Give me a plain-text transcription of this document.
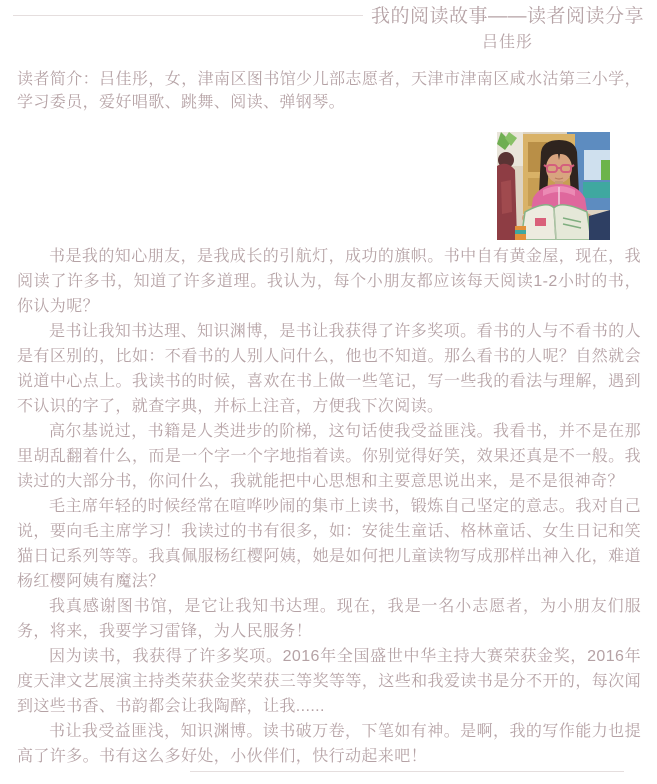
我的阅读故事——读者阅读分享
吕佳彤
读者简介：吕佳彤，女，津南区图书馆少儿部志愿者，天津市津南区咸水沽第三小学，学习委员，爱好唱歌、跳舞、阅读、弹钢琴。

书是我的知心朋友，是我成长的引航灯，成功的旗帜。书中自有黄金屋，现在，我阅读了许多书，知道了许多道理。我认为，每个小朋友都应该每天阅读1-2小时的书，你认为呢？

是书让我知书达理、知识渊博，是书让我获得了许多奖项。看书的人与不看书的人是有区别的，比如：不看书的人别人问什么，他也不知道。那么看书的人呢？自然就会说道中心点上。我读书的时候，喜欢在书上做一些笔记，写一些我的看法与理解，遇到不认识的字了，就查字典，并标上注音，方便我下次阅读。

高尔基说过，书籍是人类进步的阶梯，这句话使我受益匪浅。我看书，并不是在那里胡乱翻着什么，而是一个字一个字地指着读。你别觉得好笑，效果还真是不一般。我读过的大部分书，你问什么，我就能把中心思想和主要意思说出来，是不是很神奇？

毛主席年轻的时候经常在喧哗吵闹的集市上读书，锻炼自己坚定的意志。我对自己说，要向毛主席学习！我读过的书有很多，如：安徒生童话、格林童话、女生日记和笑猫日记系列等等。我真佩服杨红樱阿姨，她是如何把儿童读物写成那样出神入化，难道杨红樱阿姨有魔法？

我真感谢图书馆，是它让我知书达理。现在，我是一名小志愿者，为小朋友们服务，将来，我要学习雷锋，为人民服务！

因为读书，我获得了许多奖项。2016年全国盛世中华主持大赛荣获金奖，2016年度天津文艺展演主持类荣获金奖荣获三等奖等等，这些和我爱读书是分不开的，每次闻到这些书香、书韵都会让我陶醉，让我......

书让我受益匪浅，知识渊博。读书破万卷，下笔如有神。是啊，我的写作能力也提高了许多。书有这么多好处，小伙伴们，快行动起来吧！
